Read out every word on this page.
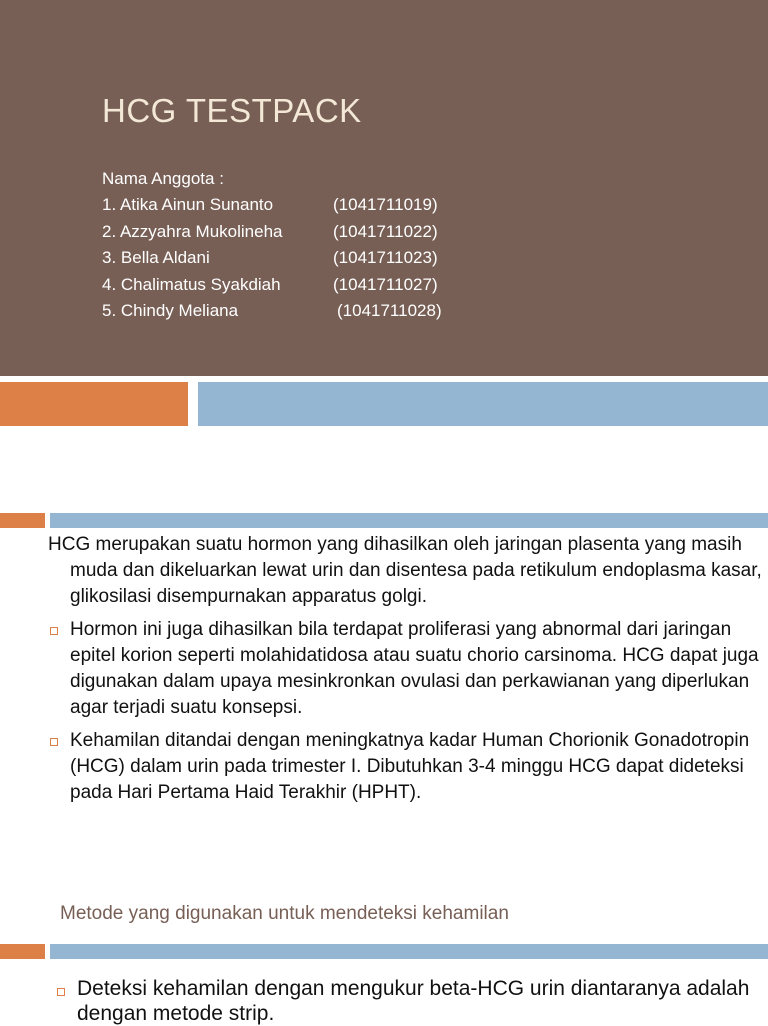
HCG TESTPACK
Nama Anggota :
1. Atika Ainun Sunanto	(1041711019)
2. Azzyahra Mukolineha	(1041711022)
3. Bella Aldani	(1041711023)
4. Chalimatus Syakdiah	(1041711027)
5. Chindy Meliana	(1041711028)

HCG merupakan suatu hormon yang dihasilkan oleh jaringan plasenta yang masih muda dan dikeluarkan lewat urin dan disentesa pada retikulum endoplasma kasar, glikosilasi disempurnakan apparatus golgi.

Hormon ini juga dihasilkan bila terdapat proliferasi yang abnormal dari jaringan epitel korion seperti molahidatidosa atau suatu chorio carsinoma. HCG dapat juga digunakan dalam upaya mesinkronkan ovulasi dan perkawianan yang diperlukan agar terjadi suatu konsepsi.
Kehamilan ditandai dengan meningkatnya kadar Human Chorionik Gonadotropin (HCG) dalam urin pada trimester I. Dibutuhkan 3-4 minggu HCG dapat dideteksi pada Hari Pertama Haid Terakhir (HPHT).
Metode yang digunakan untuk mendeteksi kehamilan
Deteksi kehamilan dengan mengukur beta-HCG urin diantaranya adalah dengan metode strip.
